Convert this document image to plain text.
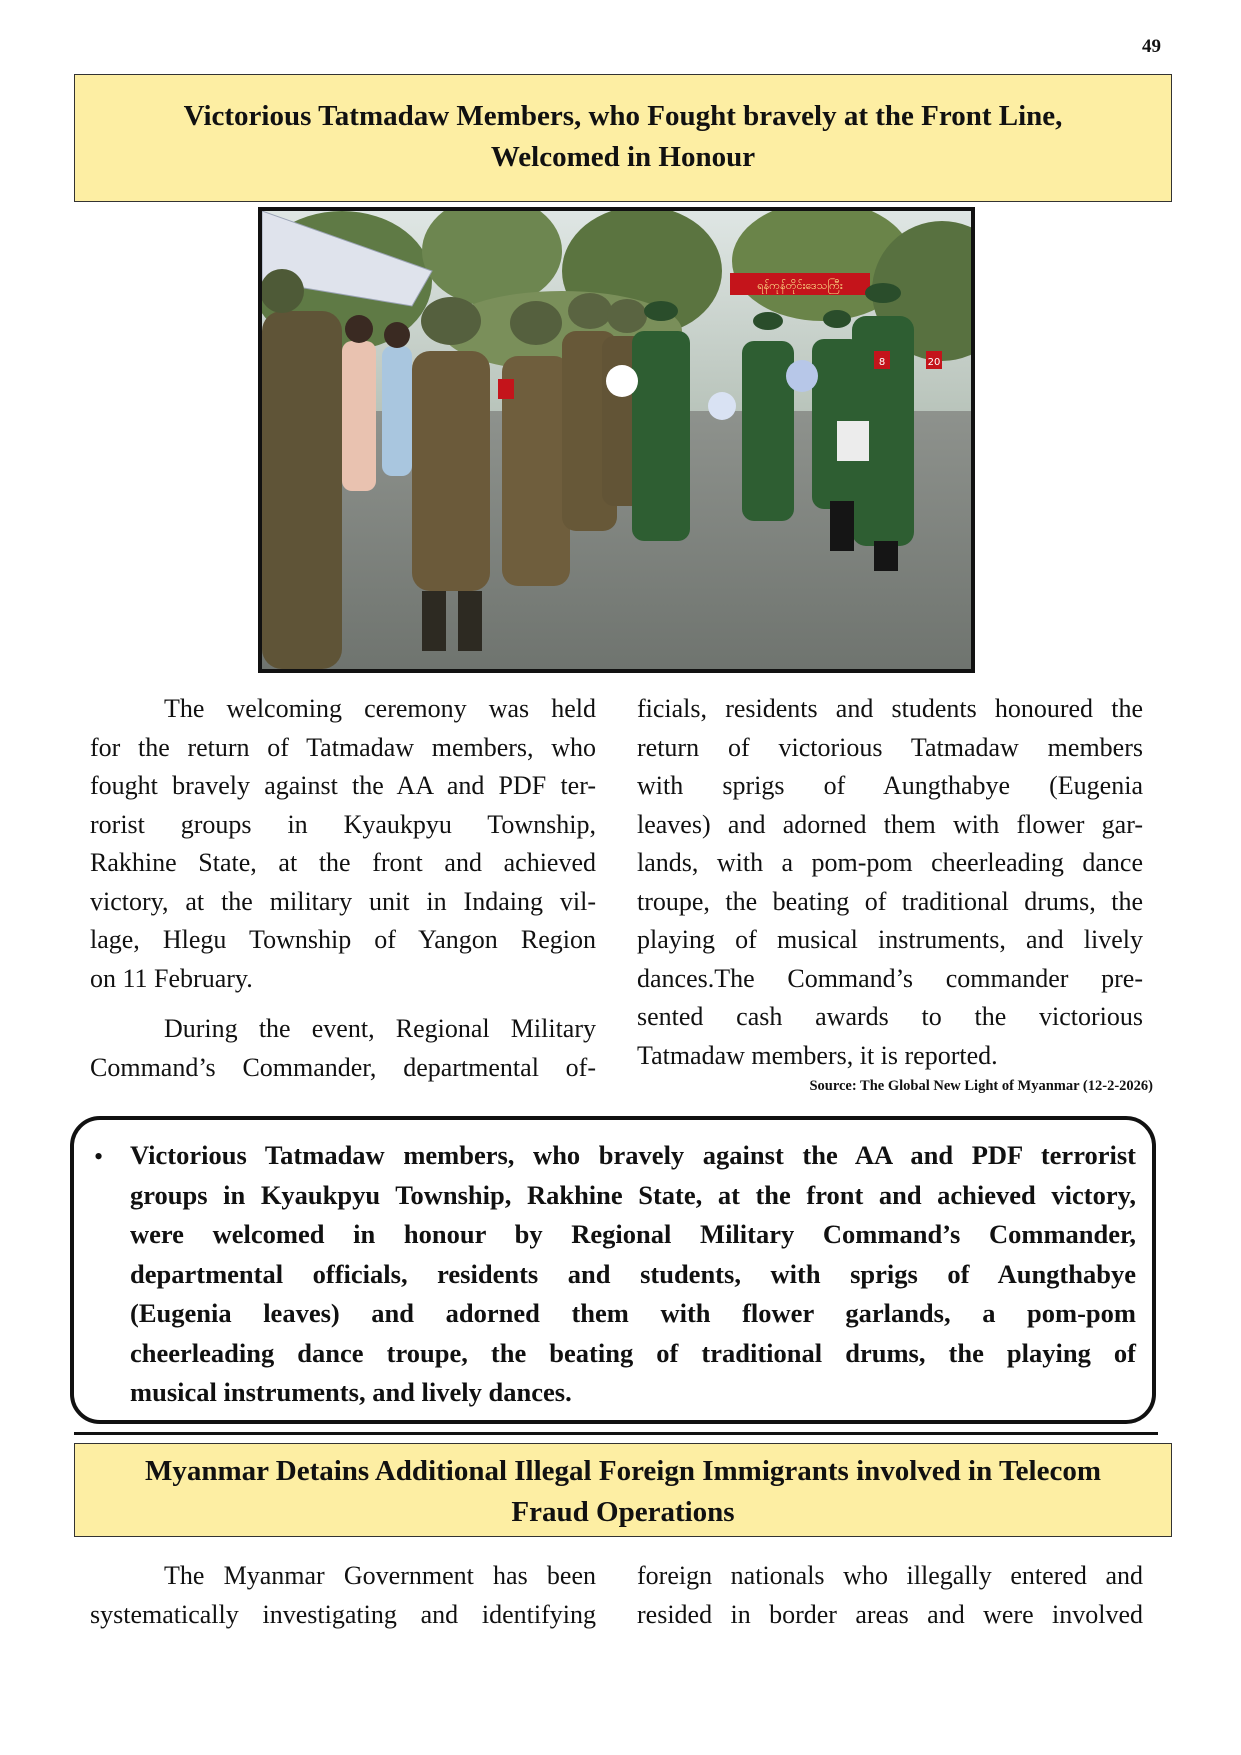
49
Victorious Tatmadaw Members, who Fought bravely at the Front Line,
Welcomed in Honour
ရန်ကုန်တိုင်းဒေသကြီး
8	20

The welcoming ceremony was held

for the return of Tatmadaw members, who
fought bravely against the AA and PDF ter-
rorist groups in Kyaukpyu Township,
Rakhine State, at the front and achieved
victory, at the military unit in Indaing vil-
lage, Hlegu Township of Yangon Region
on 11 February.

During the event, Regional Military

Command’s Commander, departmental of-

ficials, residents and students honoured the
return of victorious Tatmadaw members
with sprigs of Aungthabye (Eugenia
leaves) and adorned them with flower gar-
lands, with a pom-pom cheerleading dance
troupe, the beating of traditional drums, the
playing of musical instruments, and lively
dances.The Command’s commander pre-
sented cash awards to the victorious
Tatmadaw members, it is reported.

Source: The Global New Light of Myanmar (12-2-2026)
• Victorious Tatmadaw members, who bravely against the AA and PDF terrorist
groups in Kyaukpyu Township, Rakhine State, at the front and achieved victory,
were welcomed in honour by Regional Military Command’s Commander,
departmental officials, residents and students, with sprigs of Aungthabye
(Eugenia leaves) and adorned them with flower garlands, a pom-pom
cheerleading dance troupe, the beating of traditional drums, the playing of
musical instruments, and lively dances.
Myanmar Detains Additional Illegal Foreign Immigrants involved in Telecom
Fraud Operations

The Myanmar Government has been

systematically investigating and identifying

foreign nationals who illegally entered and
resided in border areas and were involved
